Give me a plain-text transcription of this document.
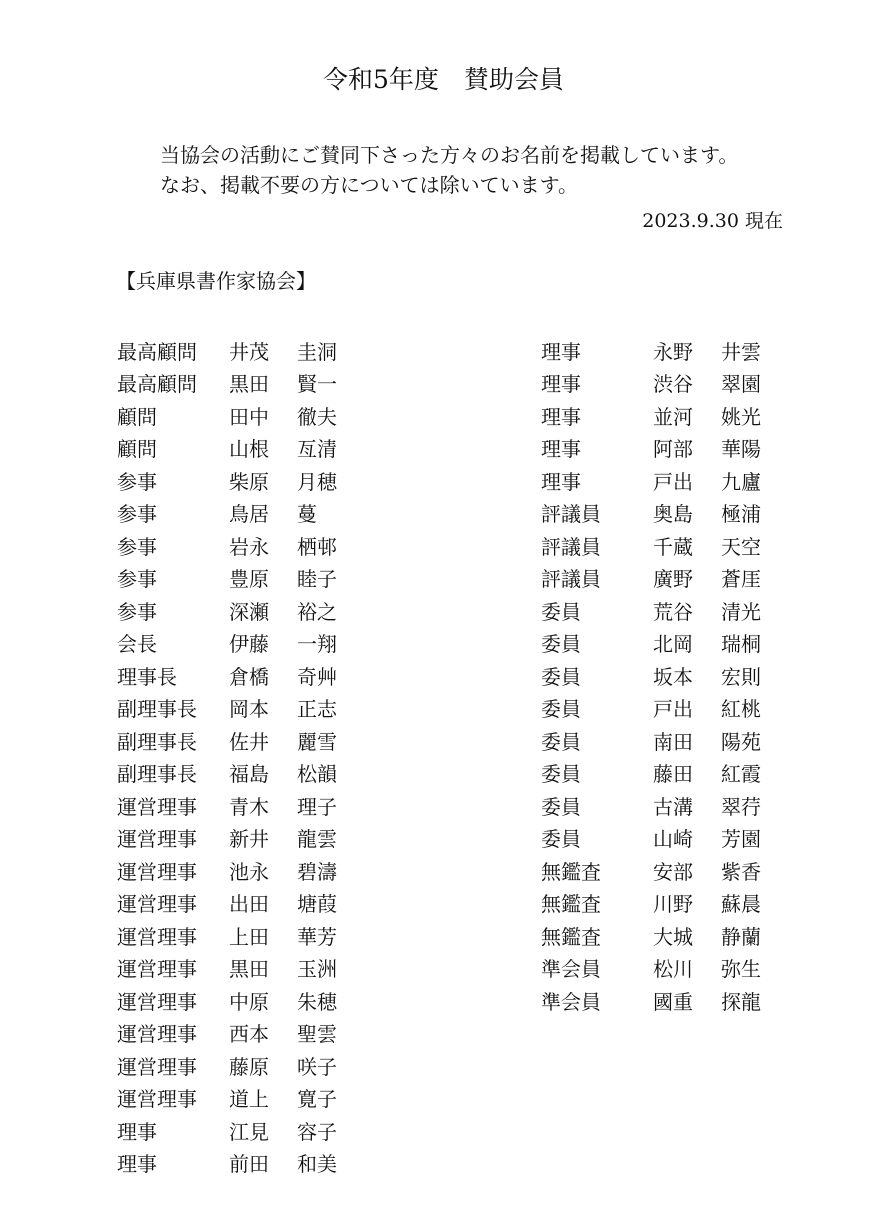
令和5年度　賛助会員
当協会の活動にご賛同下さった方々のお名前を掲載しています。
なお、掲載不要の方については除いています。
2023.9.30 現在
【兵庫県書作家協会】
最高顧問	井茂	圭洞
最高顧問	黒田	賢一
顧問	田中	徹夫
顧問	山根	亙清
参事	柴原	月穂
参事	鳥居	蔓
参事	岩永	栖邨
参事	豊原	睦子
参事	深瀬	裕之
会長	伊藤	一翔
理事長	倉橋	奇艸
副理事長	岡本	正志
副理事長	佐井	麗雪
副理事長	福島	松韻
運営理事	青木	理子
運営理事	新井	龍雲
運営理事	池永	碧濤
運営理事	出田	塘葭
運営理事	上田	華芳
運営理事	黒田	玉洲
運営理事	中原	朱穂
運営理事	西本	聖雲
運営理事	藤原	咲子
運営理事	道上	寛子
理事	江見	容子
理事	前田	和美
理事	永野	井雲
理事	渋谷	翠園
理事	並河	姚光
理事	阿部	華陽
理事	戸出	九廬
評議員	奥島	極浦
評議員	千蔵	天空
評議員	廣野	蒼厓
委員	荒谷	清光
委員	北岡	瑞桐
委員	坂本	宏則
委員	戸出	紅桃
委員	南田	陽苑
委員	藤田	紅霞
委員	古溝	翠荇
委員	山崎	芳園
無鑑査	安部	紫香
無鑑査	川野	蘇晨
無鑑査	大城	静蘭
準会員	松川	弥生
準会員	國重	探龍
